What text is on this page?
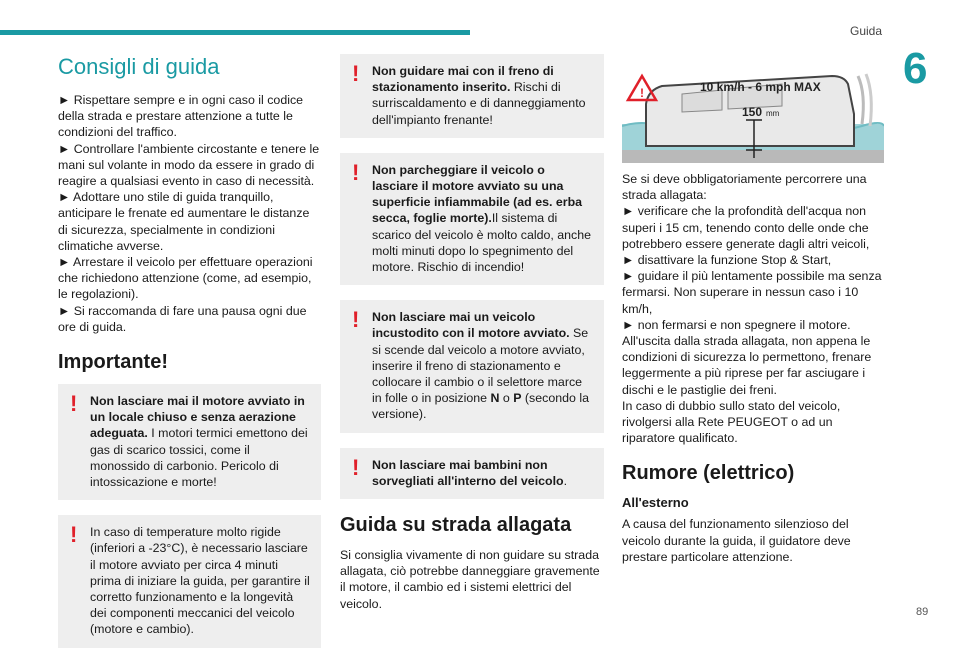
Guida
6
89
Consigli di guida

► Rispettare sempre e in ogni caso il codice della strada e prestare attenzione a tutte le condizioni del traffico.

► Controllare l'ambiente circostante e tenere le mani sul volante in modo da essere in grado di reagire a qualsiasi evento in caso di necessità.

► Adottare uno stile di guida tranquillo, anticipare le frenate ed aumentare le distanze di sicurezza, specialmente in condizioni climatiche avverse.

► Arrestare il veicolo per effettuare operazioni che richiedono attenzione (come, ad esempio, le regolazioni).

► Si raccomanda di fare una pausa ogni due ore di guida.

Importante!
!	Non lasciare mai il motore avviato in un locale chiuso e senza aerazione adeguata. I motori termici emettono dei gas di scarico tossici, come il monossido di carbonio. Pericolo di intossicazione e morte!
!	In caso di temperature molto rigide (inferiori a -23°C), è necessario lasciare il motore avviato per circa 4 minuti prima di iniziare la guida, per garantire il corretto funzionamento e la longevità dei componenti meccanici del veicolo (motore e cambio).
!	Non guidare mai con il freno di stazionamento inserito. Rischi di surriscaldamento e di danneggiamento dell'impianto frenante!
!	Non parcheggiare il veicolo o lasciare il motore avviato su una superficie infiammabile (ad es. erba secca, foglie morte).Il sistema di scarico del veicolo è molto caldo, anche molti minuti dopo lo spegnimento del motore. Rischio di incendio!
!	Non lasciare mai un veicolo incustodito con il motore avviato. Se si scende dal veicolo a motore avviato, inserire il freno di stazionamento e collocare il cambio o il selettore marce in folle o in posizione N o P (secondo la versione).
!	Non lasciare mai bambini non sorvegliati all'interno del veicolo.
Guida su strada allagata

Si consiglia vivamente di non guidare su strada allagata, ciò potrebbe danneggiare gravemente il motore, il cambio ed i sistemi elettrici del veicolo.

!	10 km/h - 6 mph MAX
150 mm

Se si deve obbligatoriamente percorrere una strada allagata:

► verificare che la profondità dell'acqua non superi i 15 cm, tenendo conto delle onde che potrebbero essere generate dagli altri veicoli,

► disattivare la funzione Stop & Start,

► guidare il più lentamente possibile ma senza fermarsi. Non superare in nessun caso i 10 km/h,

► non fermarsi e non spegnere il motore.

All'uscita dalla strada allagata, non appena le condizioni di sicurezza lo permettono, frenare leggermente a più riprese per far asciugare i dischi e le pastiglie dei freni.

In caso di dubbio sullo stato del veicolo, rivolgersi alla Rete PEUGEOT o ad un riparatore qualificato.

Rumore (elettrico)
All'esterno

A causa del funzionamento silenzioso del veicolo durante la guida, il guidatore deve prestare particolare attenzione.
